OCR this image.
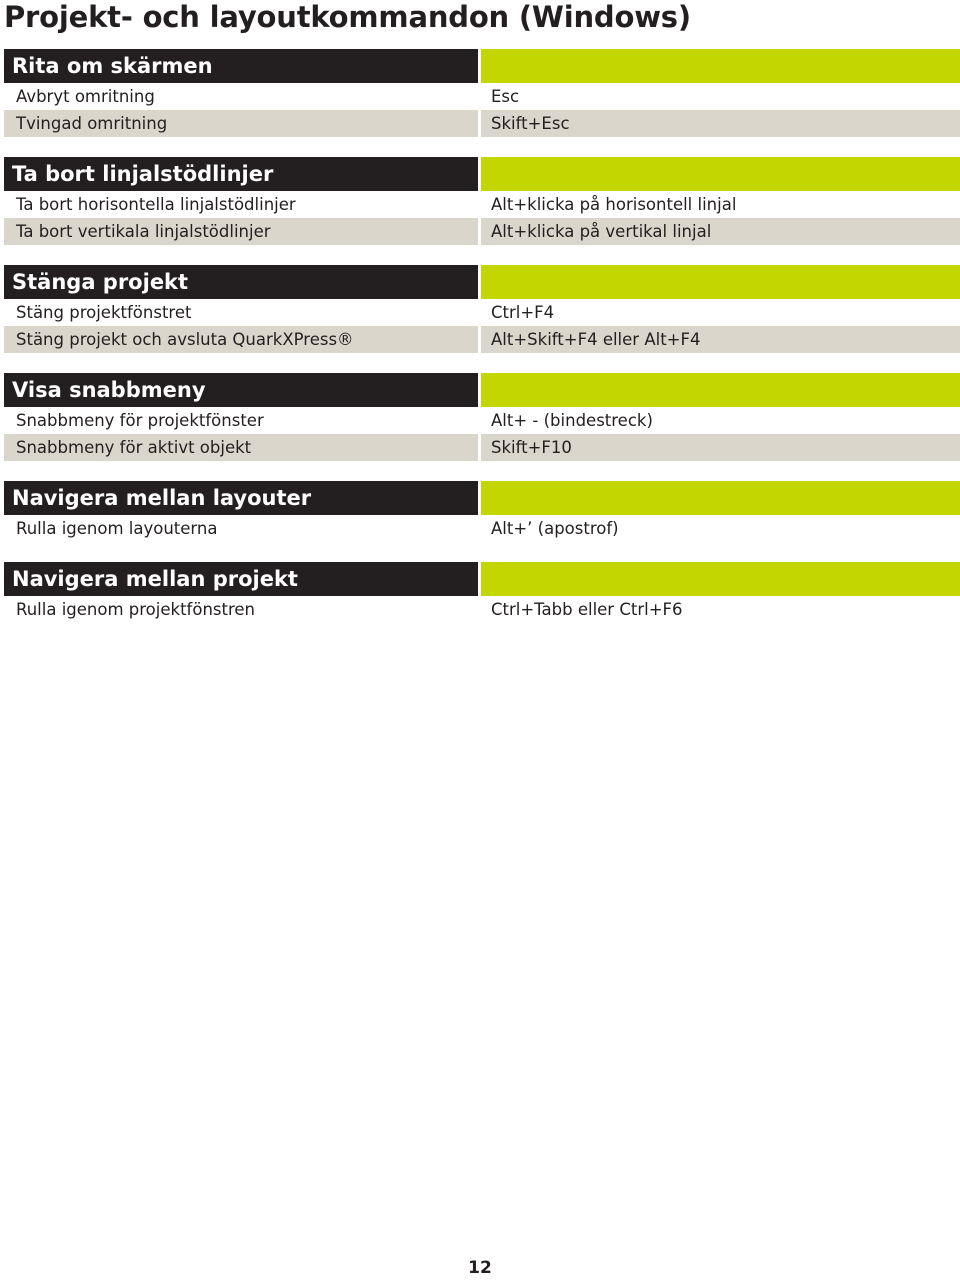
Projekt- och layoutkommandon (Windows)
Rita om skärmen
Avbryt omritning	Esc
Tvingad omritning	Skift+Esc
Ta bort linjalstödlinjer
Ta bort horisontella linjalstödlinjer	Alt+klicka på horisontell linjal
Ta bort vertikala linjalstödlinjer	Alt+klicka på vertikal linjal
Stänga projekt
Stäng projektfönstret	Ctrl+F4
Stäng projekt och avsluta QuarkXPress®	Alt+Skift+F4 eller Alt+F4
Visa snabbmeny
Snabbmeny för projektfönster	Alt+ - (bindestreck)
Snabbmeny för aktivt objekt	Skift+F10
Navigera mellan layouter
Rulla igenom layouterna	Alt+’ (apostrof)
Navigera mellan projekt
Rulla igenom projektfönstren	Ctrl+Tabb eller Ctrl+F6
12
